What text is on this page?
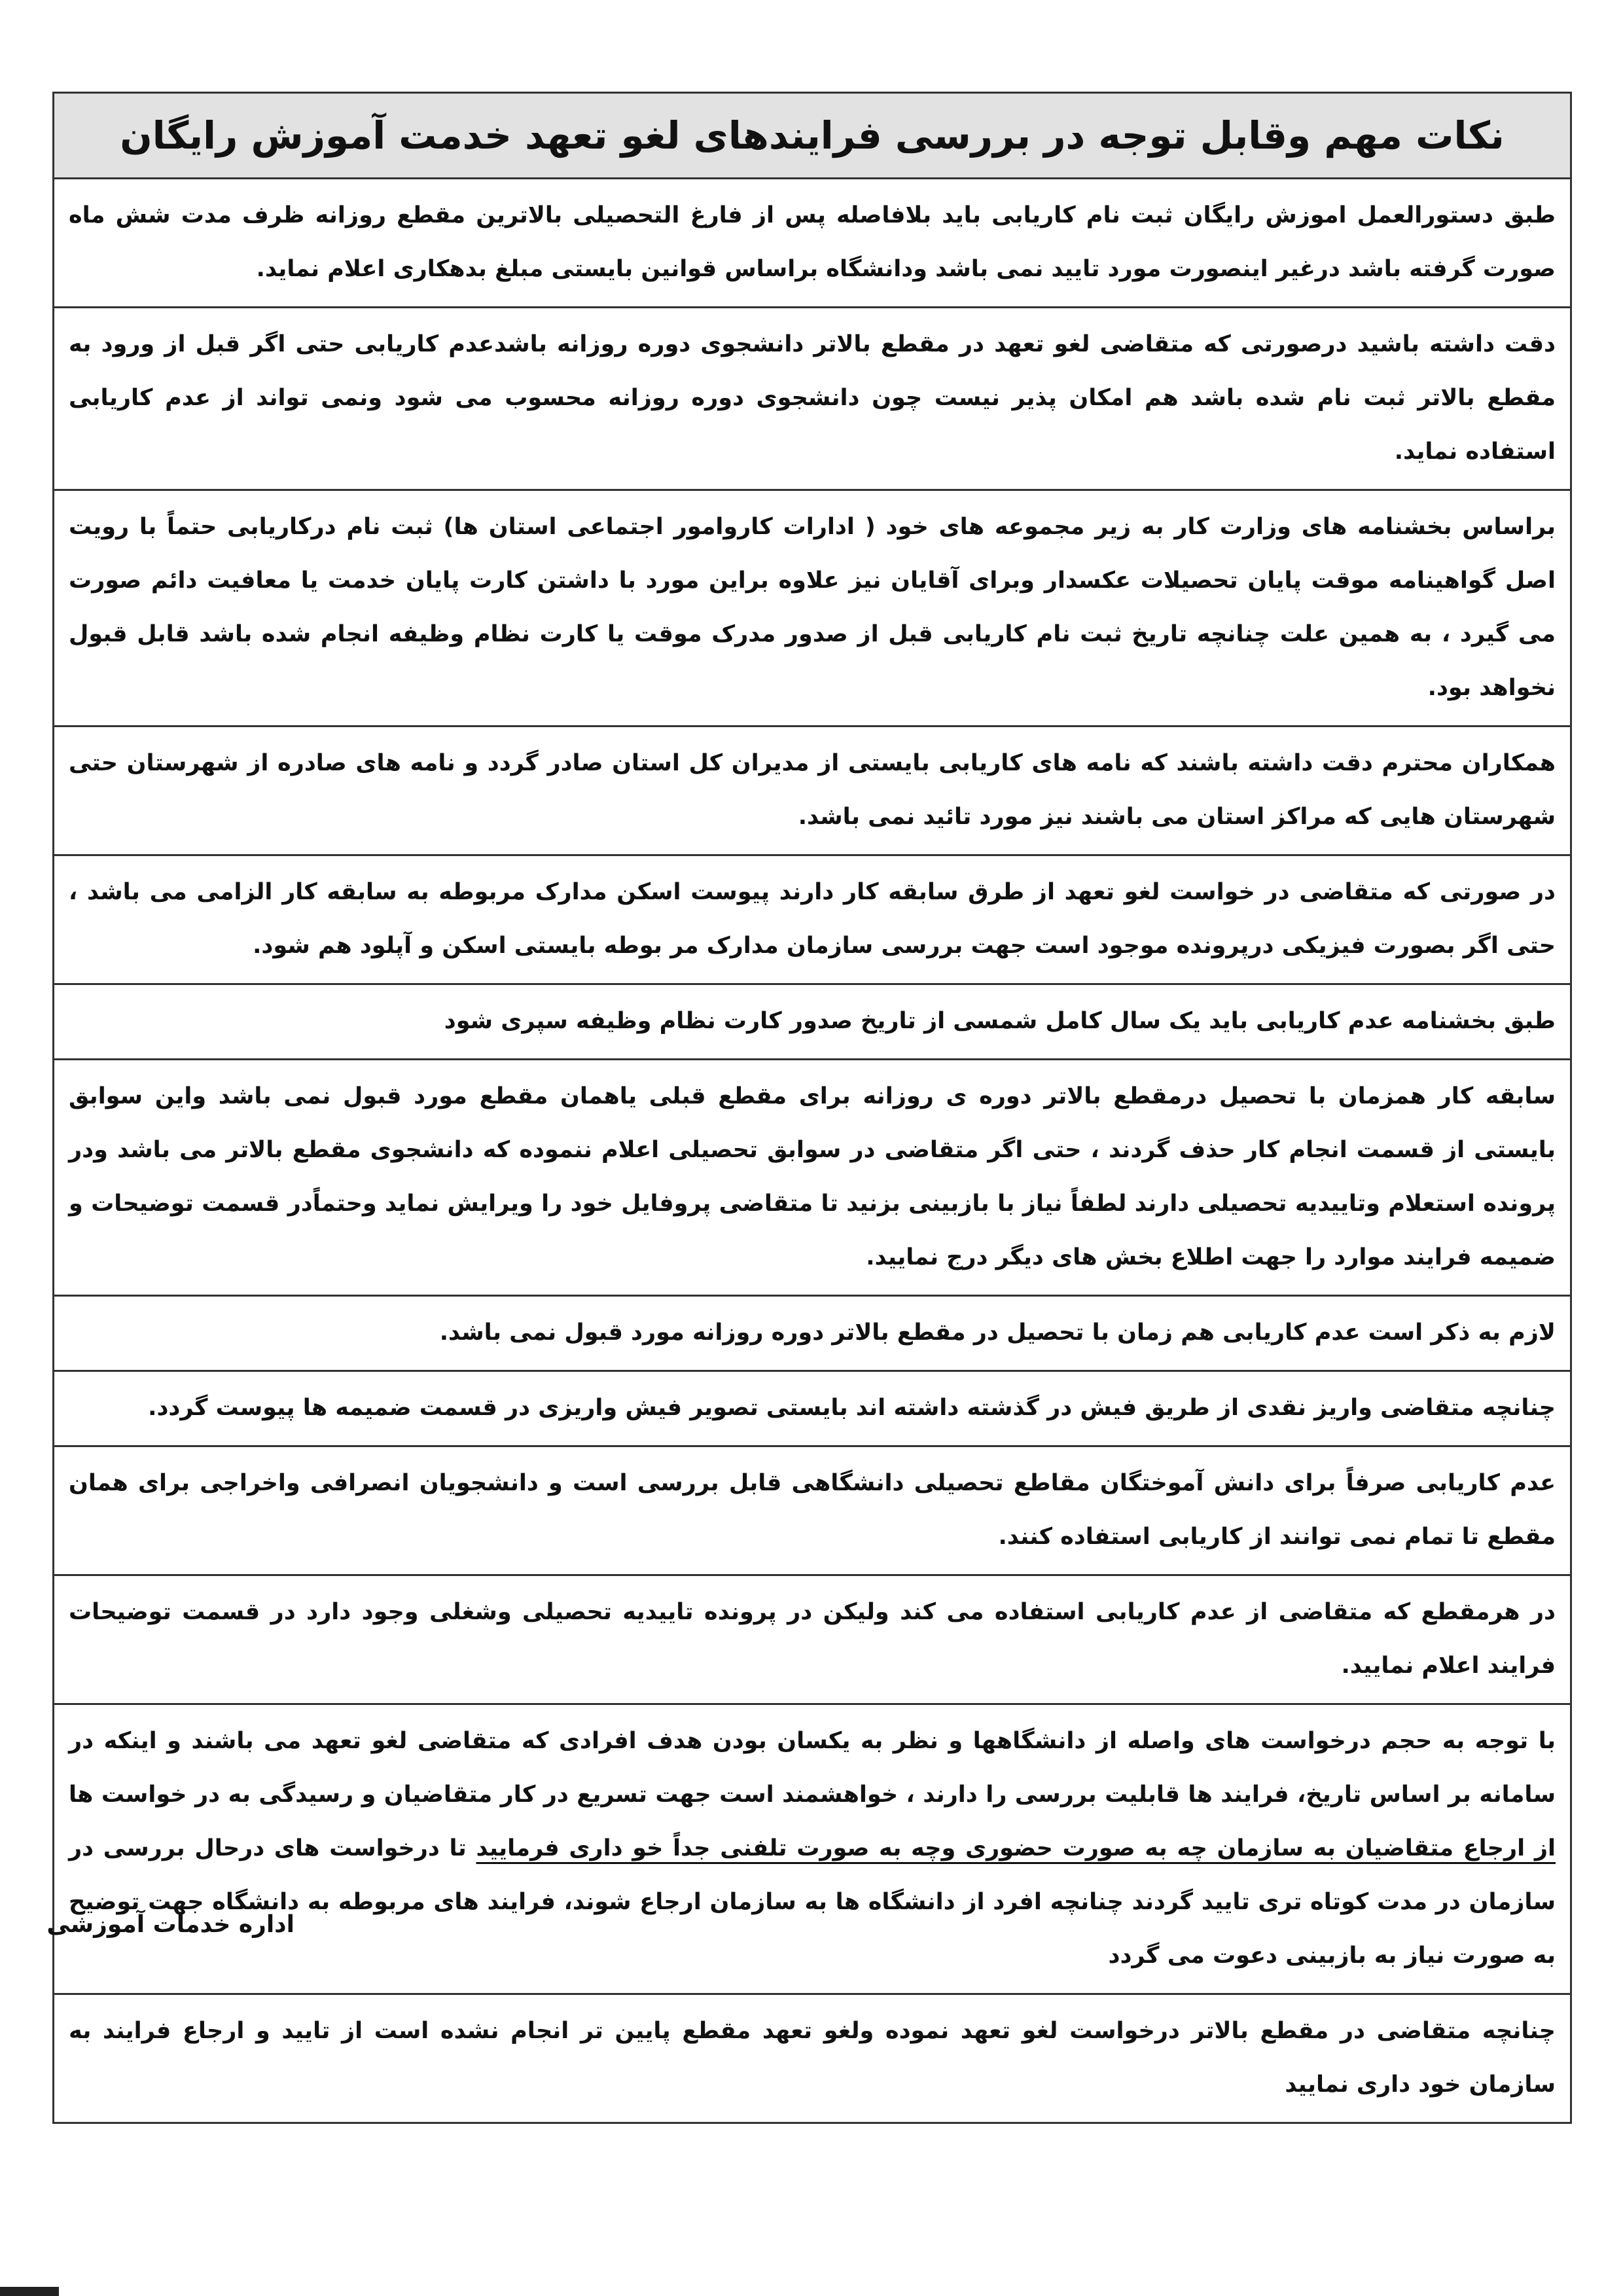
نکات مهم وقابل توجه در بررسی فرایندهای لغو تعهد خدمت آموزش رایگان
طبق دستورالعمل اموزش رایگان ثبت نام کاریابی باید بلافاصله پس از فارغ التحصیلی بالاترین مقطع روزانه ظرف مدت شش ماه صورت گرفته باشد درغیر اینصورت مورد تایید نمی باشد ودانشگاه براساس قوانین بایستی مبلغ بدهکاری اعلام نماید.
دقت داشته باشید درصورتی که متقاضی لغو تعهد در مقطع بالاتر دانشجوی دوره روزانه باشدعدم کاریابی حتی اگر قبل از ورود به مقطع بالاتر ثبت نام شده باشد هم امکان پذیر نیست چون دانشجوی دوره روزانه محسوب می شود ونمی تواند از عدم کاریابی استفاده نماید.
براساس بخشنامه های وزارت کار به زیر مجموعه های خود ( ادارات کاروامور اجتماعی استان ها) ثبت نام درکاریابی حتماً با رویت اصل گواهینامه موقت پایان تحصیلات عکسدار وبرای آقایان نیز علاوه براین مورد با داشتن کارت پایان خدمت یا معافیت دائم صورت می گیرد ، به همین علت چنانچه تاریخ ثبت نام کاریابی قبل از صدور مدرک موقت یا کارت نظام وظیفه انجام شده باشد قابل قبول نخواهد بود.
همکاران محترم دقت داشته باشند که نامه های کاریابی بایستی از مدیران کل استان صادر گردد و نامه های صادره از شهرستان حتی شهرستان هایی که مراکز استان می باشند نیز مورد تائید نمی باشد.
در صورتی که متقاضی در خواست لغو تعهد از طرق سابقه کار دارند پیوست اسکن مدارک مربوطه به سابقه کار الزامی می باشد ، حتی اگر بصورت فیزیکی درپرونده موجود است جهت بررسی سازمان مدارک مر بوطه بایستی اسکن و آپلود هم شود.
طبق بخشنامه عدم کاریابی باید یک سال کامل شمسی از تاریخ صدور کارت نظام وظیفه سپری شود
سابقه کار همزمان با تحصیل درمقطع بالاتر دوره ی روزانه برای مقطع قبلی یاهمان مقطع مورد قبول نمی باشد واین سوابق بایستی از قسمت انجام کار حذف گردند ، حتی اگر متقاضی در سوابق تحصیلی اعلام ننموده که دانشجوی مقطع بالاتر می باشد ودر پرونده استعلام وتاییدیه تحصیلی دارند لطفاً نیاز با بازبینی بزنید تا متقاضی پروفایل خود را ویرایش نماید وحتماًدر قسمت توضیحات و ضمیمه فرایند موارد را جهت اطلاع بخش های دیگر درج نمایید.
لازم به ذکر است عدم کاریابی هم زمان با تحصیل در مقطع بالاتر دوره روزانه مورد قبول نمی باشد.
چنانچه متقاضی واریز نقدی از طریق فیش در گذشته داشته اند بایستی تصویر فیش واریزی در قسمت ضمیمه ها پیوست گردد.
عدم کاریابی صرفاً برای دانش آموختگان مقاطع تحصیلی دانشگاهی قابل بررسی است و دانشجویان انصرافی واخراجی برای همان مقطع تا تمام نمی توانند از کاریابی استفاده کنند.
در هرمقطع که متقاضی از عدم کاریابی استفاده می کند ولیکن در پرونده تاییدیه تحصیلی وشغلی وجود دارد در قسمت توضیحات فرایند اعلام نمایید.
با توجه به حجم درخواست های واصله از دانشگاهها و نظر به یکسان بودن هدف افرادی که متقاضی لغو تعهد می باشند و اینکه در سامانه بر اساس تاریخ، فرایند ها قابلیت بررسی را دارند ، خواهشمند است جهت تسریع در کار متقاضیان و رسیدگی به در خواست ها از ارجاع متقاضیان به سازمان چه به صورت حضوری وچه به صورت تلفنی جداً خو داری فرمایید تا درخواست های درحال بررسی در سازمان در مدت کوتاه تری تایید گردند چنانچه افرد از دانشگاه ها به سازمان ارجاع شوند، فرایند های مربوطه به دانشگاه جهت توضیح به صورت نیاز به بازبینی دعوت می گردد
چنانچه متقاضی در مقطع بالاتر درخواست لغو تعهد نموده ولغو تعهد مقطع پایین تر انجام نشده است از تایید و ارجاع فرایند به سازمان خود داری نمایید
اداره خدمات آموزشی
